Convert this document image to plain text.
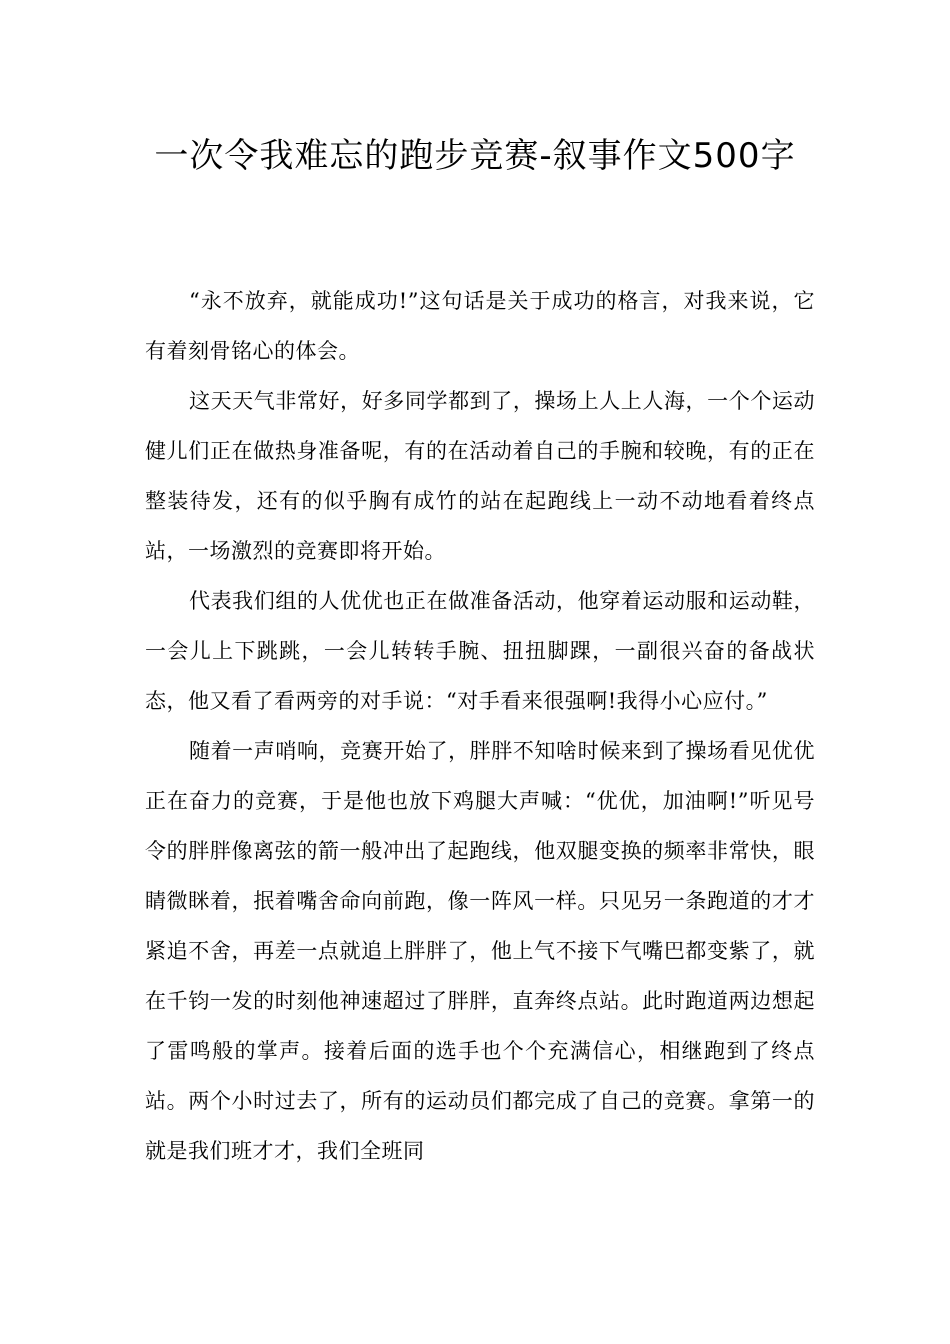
一次令我难忘的跑步竞赛-叙事作文500字

“永不放弃，就能成功!”这句话是关于成功的格言，对我来说，它有着刻骨铭心的体会。

这天天气非常好，好多同学都到了，操场上人上人海，一个个运动健儿们正在做热身准备呢，有的在活动着自己的手腕和较晚，有的正在整装待发，还有的似乎胸有成竹的站在起跑线上一动不动地看着终点站，一场激烈的竞赛即将开始。

代表我们组的人优优也正在做准备活动，他穿着运动服和运动鞋，一会儿上下跳跳，一会儿转转手腕、扭扭脚踝，一副很兴奋的备战状态，他又看了看两旁的对手说：“对手看来很强啊!我得小心应付。”

随着一声哨响，竞赛开始了，胖胖不知啥时候来到了操场看见优优正在奋力的竞赛，于是他也放下鸡腿大声喊：“优优，加油啊!”听见号令的胖胖像离弦的箭一般冲出了起跑线，他双腿变换的频率非常快，眼睛微眯着，抿着嘴舍命向前跑，像一阵风一样。只见另一条跑道的才才紧追不舍，再差一点就追上胖胖了，他上气不接下气嘴巴都变紫了，就在千钧一发的时刻他神速超过了胖胖，直奔终点站。此时跑道两边想起了雷鸣般的掌声。接着后面的选手也个个充满信心，相继跑到了终点站。两个小时过去了，所有的运动员们都完成了自己的竞赛。拿第一的就是我们班才才，我们全班同
